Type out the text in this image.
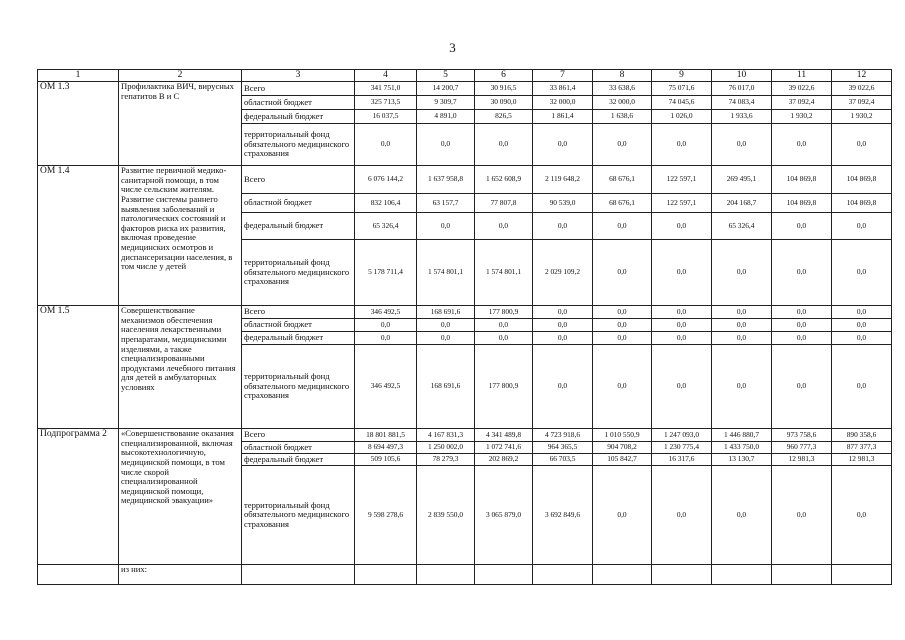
3
1	2	3	4	5	6	7	8	9	10	11	12
ОМ 1.3	Профилактика ВИЧ, вирусных гепатитов В и С	Всего	341 751,0	14 200,7	30 916,5	33 861,4	33 638,6	75 071,6	76 017,0	39 022,6	39 022,6
		областной бюджет	325 713,5	9 309,7	30 090,0	32 000,0	32 000,0	74 045,6	74 083,4	37 092,4	37 092,4
		федеральный бюджет	16 037,5	4 891,0	826,5	1 861,4	1 638,6	1 026,0	1 933,6	1 930,2	1 930,2
		территориальный фонд обязательного медицинского страхования	0,0	0,0	0,0	0,0	0,0	0,0	0,0	0,0	0,0
ОМ 1.4	Развитие первичной медико-санитарной помощи, в том числе сельским жителям. Развитие системы раннего выявления заболеваний и патологических состояний и факторов риска их развития, включая проведение медицинских осмотров и диспансеризации населения, в том числе у детей	Всего	6 076 144,2	1 637 958,8	1 652 608,9	2 119 648,2	68 676,1	122 597,1	269 495,1	104 869,8	104 869,8
		областной бюджет	832 106,4	63 157,7	77 807,8	90 539,0	68 676,1	122 597,1	204 168,7	104 869,8	104 869,8
		федеральный бюджет	65 326,4	0,0	0,0	0,0	0,0	0,0	65 326,4	0,0	0,0
		территориальный фонд обязательного медицинского страхования	5 178 711,4	1 574 801,1	1 574 801,1	2 029 109,2	0,0	0,0	0,0	0,0	0,0
ОМ 1.5	Совершенствование механизмов обеспечения населения лекарственными препаратами, медицинскими изделиями, а также специализированными продуктами лечебного питания для детей в амбулаторных условиях	Всего	346 492,5	168 691,6	177 800,9	0,0	0,0	0,0	0,0	0,0	0,0
		областной бюджет	0,0	0,0	0,0	0,0	0,0	0,0	0,0	0,0	0,0
		федеральный бюджет	0,0	0,0	0,0	0,0	0,0	0,0	0,0	0,0	0,0
		территориальный фонд обязательного медицинского страхования	346 492,5	168 691,6	177 800,9	0,0	0,0	0,0	0,0	0,0	0,0
Подпрограмма 2	«Совершенствование оказания специализированной, включая высокотехнологичную, медицинской помощи, в том числе скорой специализированной медицинской помощи, медицинской эвакуации»	Всего	18 801 881,5	4 167 831,3	4 341 489,8	4 723 918,6	1 010 550,9	1 247 093,0	1 446 880,7	973 758,6	890 358,6
		областной бюджет	8 694 497,3	1 250 002,0	1 072 741,6	964 365,5	904 708,2	1 230 775,4	1 433 750,0	960 777,3	877 377,3
		федеральный бюджет	509 105,6	78 279,3	202 869,2	66 703,5	105 842,7	16 317,6	13 130,7	12 981,3	12 981,3
		территориальный фонд обязательного медицинского страхования	9 598 278,6	2 839 550,0	3 065 879,0	3 692 849,6	0,0	0,0	0,0	0,0	0,0
	из них:										
